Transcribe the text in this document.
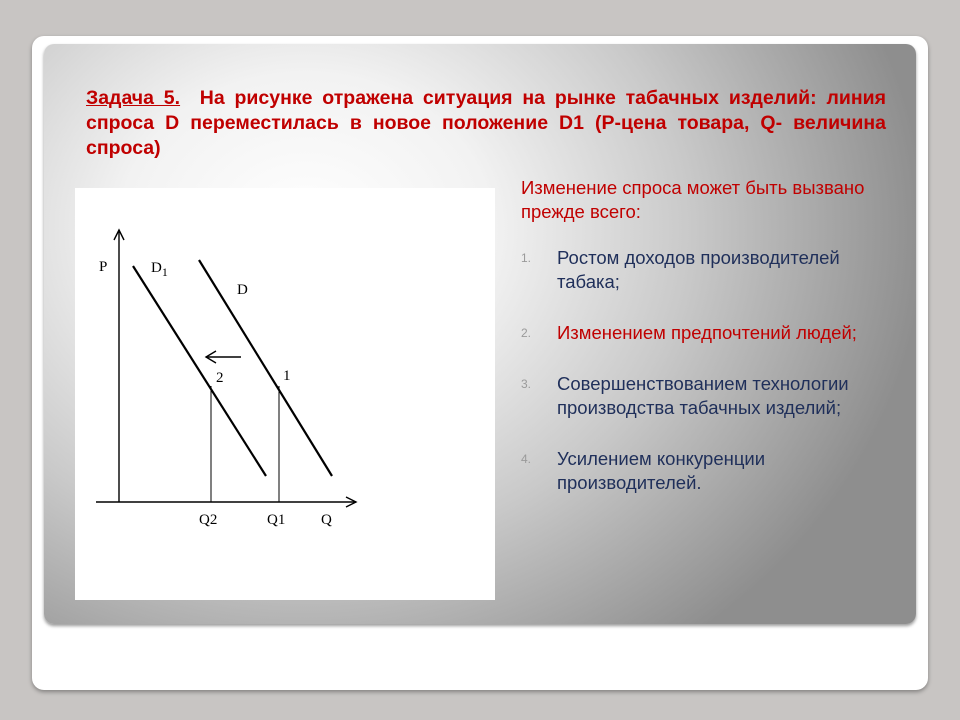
Задача 5. На рисунке отражена ситуация на рынке табачных изделий: линия спроса D переместилась в новое положение D1 (P-цена товара, Q- величина спроса)

P	$D_1$
D
2	1
Q2	Q1 Q

Изменение спроса может быть вызвано прежде всего:

1. Ростом доходов производителей табака;
2. Изменением предпочтений людей;
3. Совершенствованием технологии производства табачных изделий;
4. Усилением конкуренции производителей.
